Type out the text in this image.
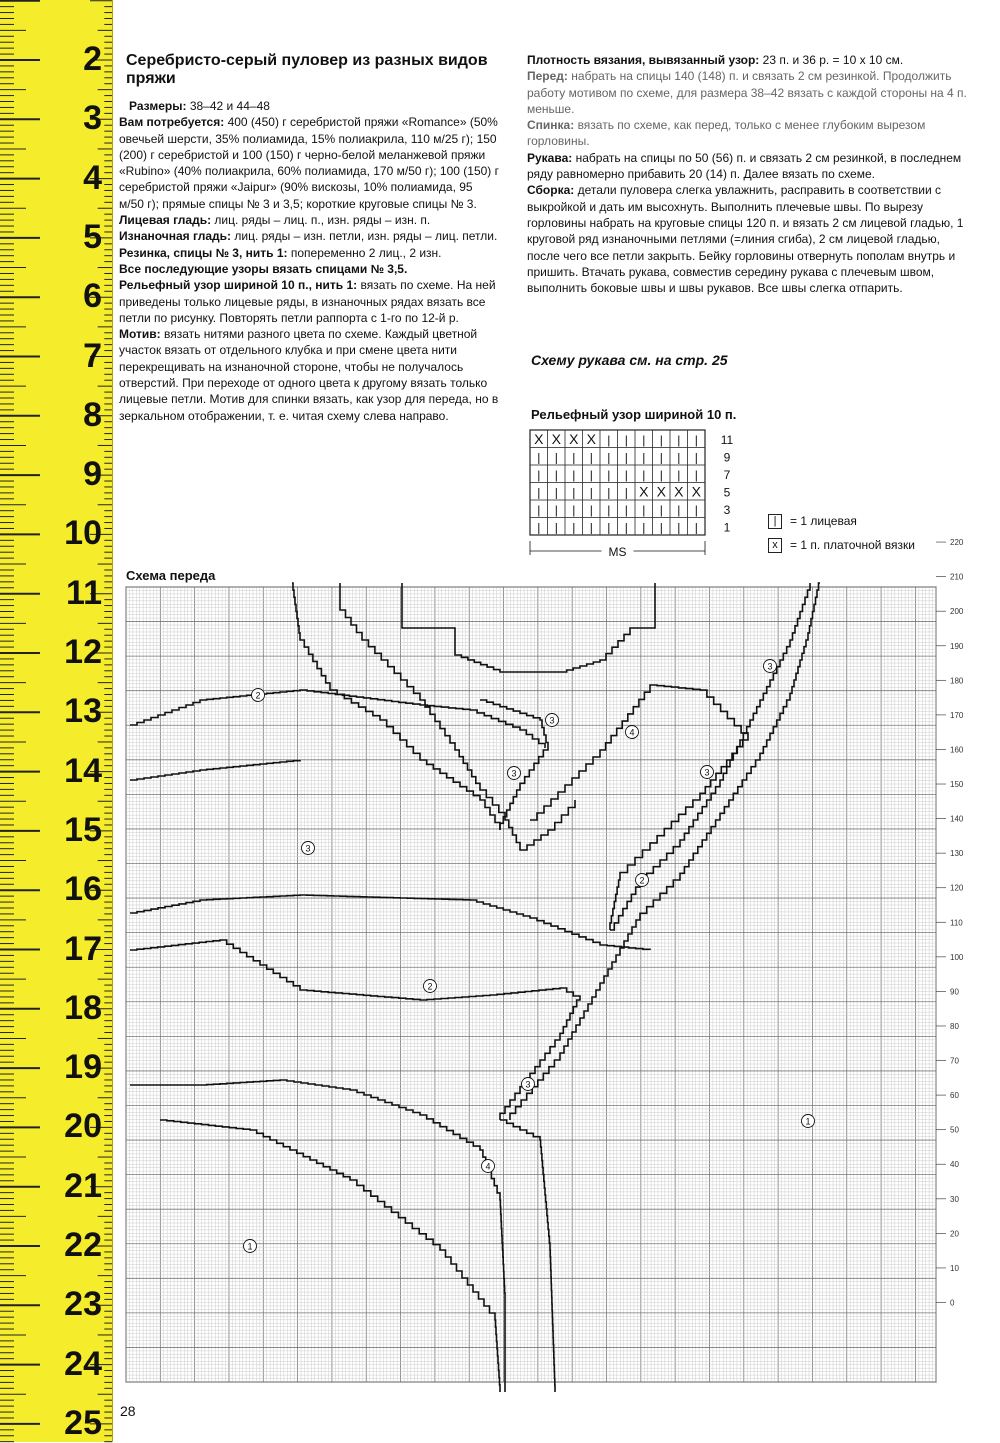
2
3
4
5
6
7
8
9
10
11
12
13
14
15
16
17
18
19
20
21
22
23
24
25
Серебристо-серый пуловер из разных видов пряжи

Размеры: 38–42 и 44–48

Вам потребуется: 400 (450) г серебристой пряжи «Romance» (50% овечьей шерсти, 35% полиамида, 15% полиакрила, 110 м/25 г); 150 (200) г серебристой и 100 (150) г черно-белой меланжевой пряжи «Rubino» (40% полиакрила, 60% полиамида, 170 м/50 г); 100 (150) г серебристой пряжи «Jaipur» (90% вискозы, 10% полиамида, 95 м/50 г); прямые спицы № 3 и 3,5; короткие круговые спицы № 3.

Лицевая гладь: лиц. ряды – лиц. п., изн. ряды – изн. п.

Изнаночная гладь: лиц. ряды – изн. петли, изн. ряды – лиц. петли.

Резинка, спицы № 3, нить 1: попеременно 2 лиц., 2 изн.

Все последующие узоры вязать спицами № 3,5.

Рельефный узор шириной 10 п., нить 1: вязать по схеме. На ней приведены только лицевые ряды, в изнаночных рядах вязать все петли по рисунку. Повторять петли раппорта с 1-го по 12-й р.

Мотив: вязать нитями разного цвета по схеме. Каждый цветной участок вязать от отдельного клубка и при смене цвета нити перекрещивать на изнаночной стороне, чтобы не получалось отверстий. При переходе от одного цвета к другому вязать только лицевые петли. Мотив для спинки вязать, как узор для переда, но в зеркальном отображении, т. е. читая схему слева направо.

Плотность вязания, вывязанный узор: 23 п. и 36 р. = 10 х 10 см.

Перед: набрать на спицы 140 (148) п. и связать 2 см резинкой. Продолжить работу мотивом по схеме, для размера 38–42 вязать с каждой стороны на 4 п. меньше.

Спинка: вязать по схеме, как перед, только с менее глубоким вырезом горловины.

Рукава: набрать на спицы по 50 (56) п. и связать 2 см резинкой, в последнем ряду равномерно прибавить 20 (14) п. Далее вязать по схеме.

Сборка: детали пуловера слегка увлажнить, расправить в соответствии с выкройкой и дать им высохнуть. Выполнить плечевые швы. По вырезу горловины набрать на круговые спицы 120 п. и вязать 2 см лицевой гладью, 1 круговой ряд изнаночными петлями (=линия сгиба), 2 см лицевой гладью, после чего все петли закрыть. Бейку горловины отвернуть пополам внутрь и пришить. Втачать рукава, совместив середину рукава с плечевым швом, выполнить боковые швы и швы рукавов. Все швы слегка отпарить.

Схему рукава см. на стр. 25
Рельефный узор шириной 10 п.
X X X X | | | | | | 11
| | | | | | | | | | 9
| | | | | | | | | | 7
| | | | | | X X X X 5
| | | | | | | | | | 3
| | | | | | | | | | 1
MS
| = 1 лицевая
x = 1 п. платочной вязки
Схема переда
220
210
200
190
180
170
160
150
140
130
120
110
100
90
80
70
60
50
40
30
20
10
0
2
3
4
3
3	3
3
2
2
3
1
4
1
28
